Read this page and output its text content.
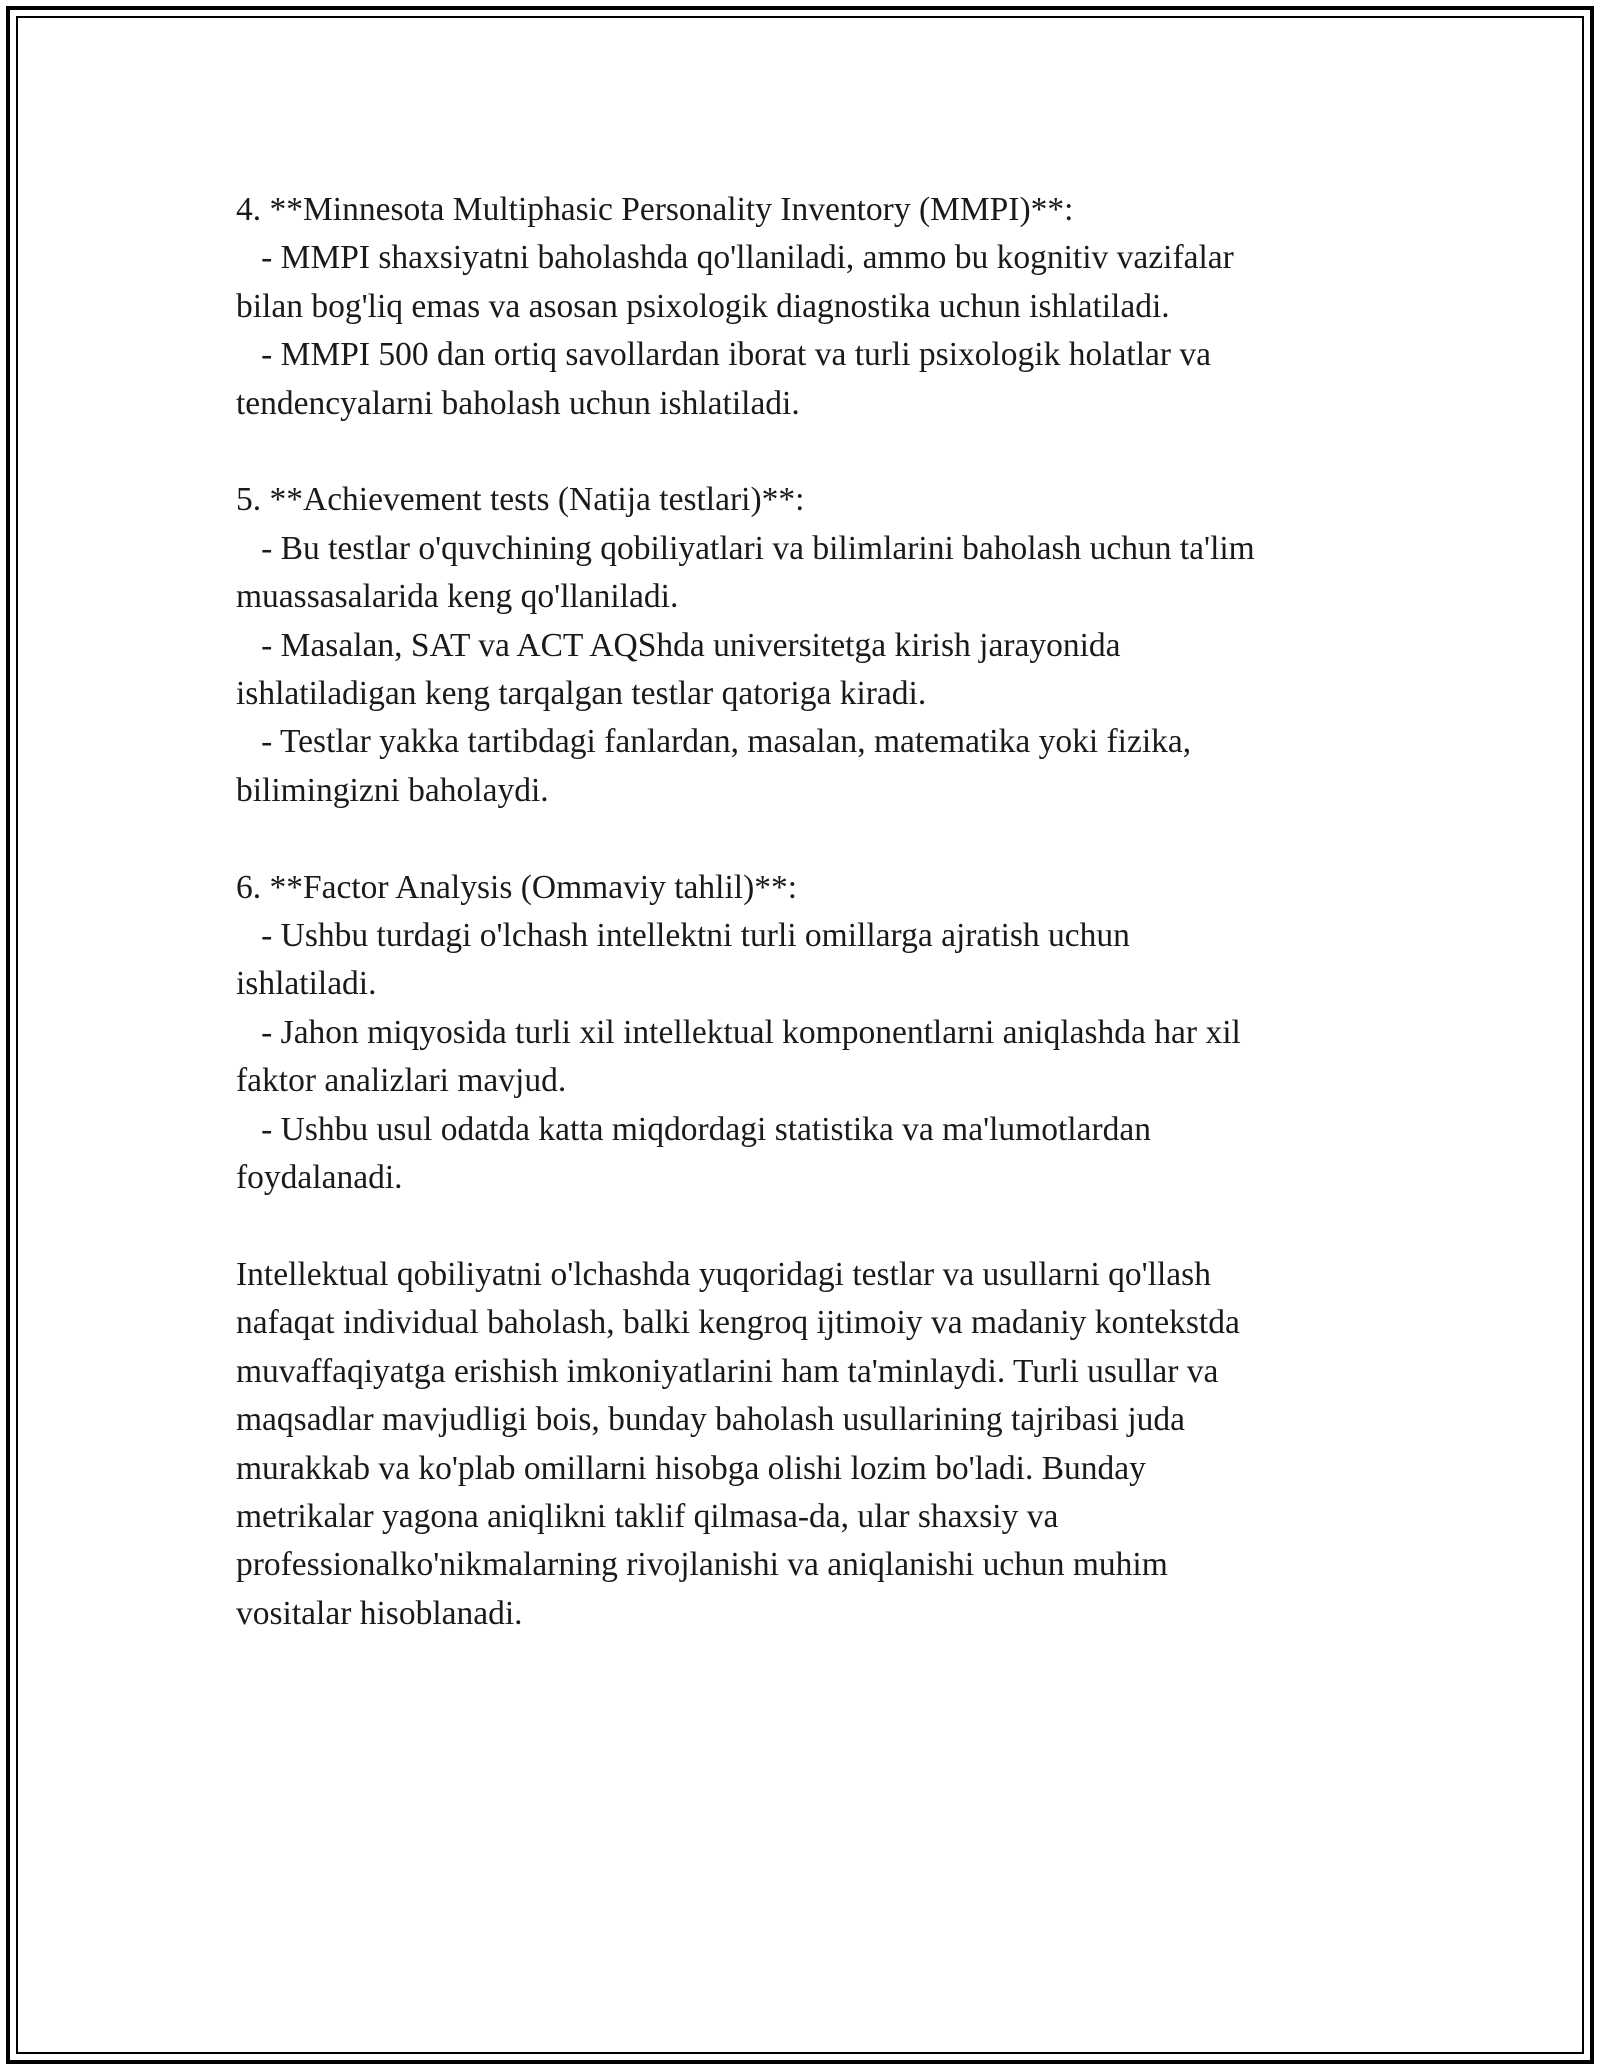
4. **Minnesota Multiphasic Personality Inventory (MMPI)**:

- MMPI shaxsiyatni baholashda qo'llaniladi, ammo bu kognitiv vazifalar

bilan bog'liq emas va asosan psixologik diagnostika uchun ishlatiladi.

- MMPI 500 dan ortiq savollardan iborat va turli psixologik holatlar va

tendencyalarni baholash uchun ishlatiladi.

5. **Achievement tests (Natija testlari)**:

- Bu testlar o'quvchining qobiliyatlari va bilimlarini baholash uchun ta'lim

muassasalarida keng qo'llaniladi.

- Masalan, SAT va ACT AQShda universitetga kirish jarayonida

ishlatiladigan keng tarqalgan testlar qatoriga kiradi.

- Testlar yakka tartibdagi fanlardan, masalan, matematika yoki fizika,

bilimingizni baholaydi.

6. **Factor Analysis (Ommaviy tahlil)**:

- Ushbu turdagi o'lchash intellektni turli omillarga ajratish uchun

ishlatiladi.

- Jahon miqyosida turli xil intellektual komponentlarni aniqlashda har xil

faktor analizlari mavjud.

- Ushbu usul odatda katta miqdordagi statistika va ma'lumotlardan

foydalanadi.

Intellektual qobiliyatni o'lchashda yuqoridagi testlar va usullarni qo'llash

nafaqat individual baholash, balki kengroq ijtimoiy va madaniy kontekstda

muvaffaqiyatga erishish imkoniyatlarini ham ta'minlaydi. Turli usullar va

maqsadlar mavjudligi bois, bunday baholash usullarining tajribasi juda

murakkab va ko'plab omillarni hisobga olishi lozim bo'ladi. Bunday

metrikalar yagona aniqlikni taklif qilmasa-da, ular shaxsiy va

professionalko'nikmalarning rivojlanishi va aniqlanishi uchun muhim

vositalar hisoblanadi.
